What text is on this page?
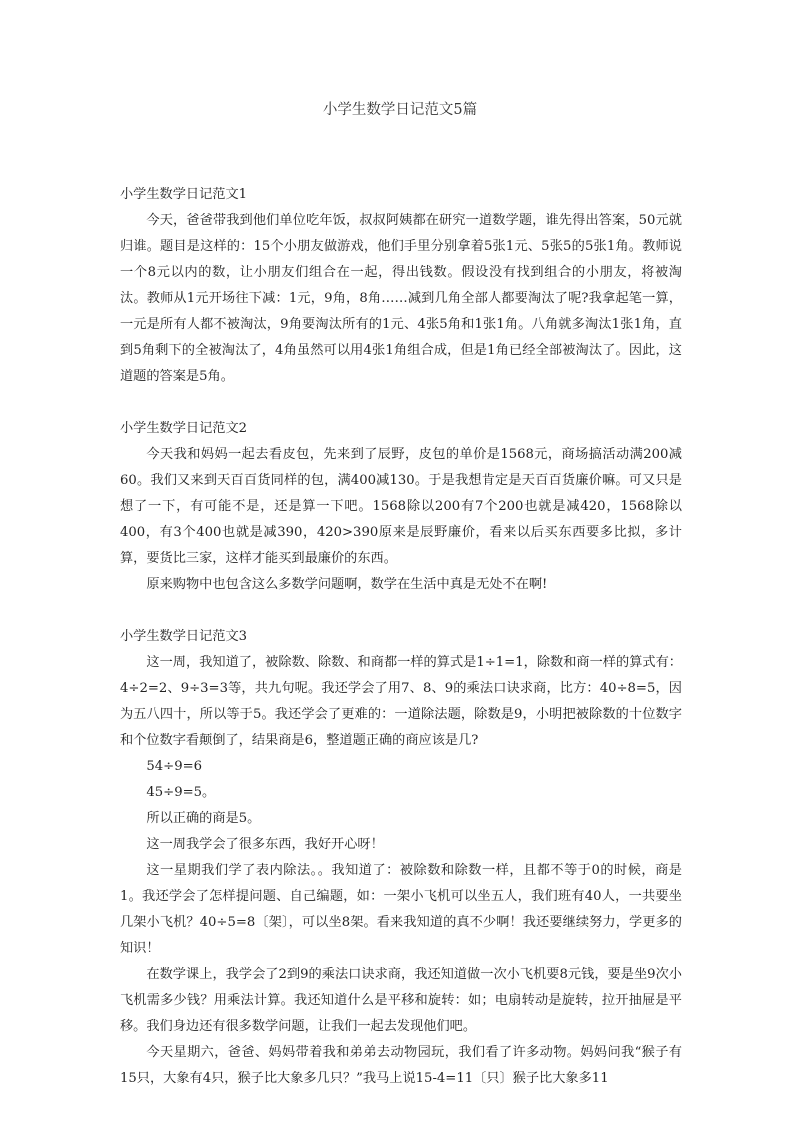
小学生数学日记范文5篇

小学生数学日记范文1

今天，爸爸带我到他们单位吃年饭，叔叔阿姨都在研究一道数学题，谁先得出答案，50元就归谁。题目是这样的：15个小朋友做游戏，他们手里分别拿着5张1元、5张5的5张1角。教师说一个8元以内的数，让小朋友们组合在一起，得出钱数。假设没有找到组合的小朋友，将被淘汰。教师从1元开场往下减：1元，9角，8角……减到几角全部人都要淘汰了呢?我拿起笔一算，一元是所有人都不被淘汰，9角要淘汰所有的1元、4张5角和1张1角。八角就多淘汰1张1角，直到5角剩下的全被淘汰了，4角虽然可以用4张1角组合成，但是1角已经全部被淘汰了。因此，这道题的答案是5角。

小学生数学日记范文2

今天我和妈妈一起去看皮包，先来到了辰野，皮包的单价是1568元，商场搞活动满200减60。我们又来到天百百货同样的包，满400减130。于是我想肯定是天百百货廉价嘛。可又只是想了一下，有可能不是，还是算一下吧。1568除以200有7个200也就是减420，1568除以400，有3个400也就是减390，420>390原来是辰野廉价，看来以后买东西要多比拟，多计算，要货比三家，这样才能买到最廉价的东西。

原来购物中也包含这么多数学问题啊，数学在生活中真是无处不在啊!

小学生数学日记范文3

这一周，我知道了，被除数、除数、和商都一样的算式是1÷1=1，除数和商一样的算式有：4÷2=2、9÷3=3等，共九句呢。我还学会了用7、8、9的乘法口诀求商，比方：40÷8=5，因为五八四十，所以等于5。我还学会了更难的：一道除法题，除数是9，小明把被除数的十位数字和个位数字看颠倒了，结果商是6，整道题正确的商应该是几?

54÷9=6

45÷9=5。

所以正确的商是5。

这一周我学会了很多东西，我好开心呀！

这一星期我们学了表内除法。。我知道了：被除数和除数一样，且都不等于0的时候，商是1。我还学会了怎样提问题、自己编题，如：一架小飞机可以坐五人，我们班有40人，一共要坐几架小飞机？40÷5=8〔架〕，可以坐8架。看来我知道的真不少啊！我还要继续努力，学更多的知识！

在数学课上，我学会了2到9的乘法口诀求商，我还知道做一次小飞机要8元钱，要是坐9次小飞机需多少钱？用乘法计算。我还知道什么是平移和旋转：如；电扇转动是旋转，拉开抽屉是平移。我们身边还有很多数学问题，让我们一起去发现他们吧。

今天星期六，爸爸、妈妈带着我和弟弟去动物园玩，我们看了许多动物。妈妈问我“猴子有15只，大象有4只，猴子比大象多几只？”我马上说15-4=11〔只〕猴子比大象多11
